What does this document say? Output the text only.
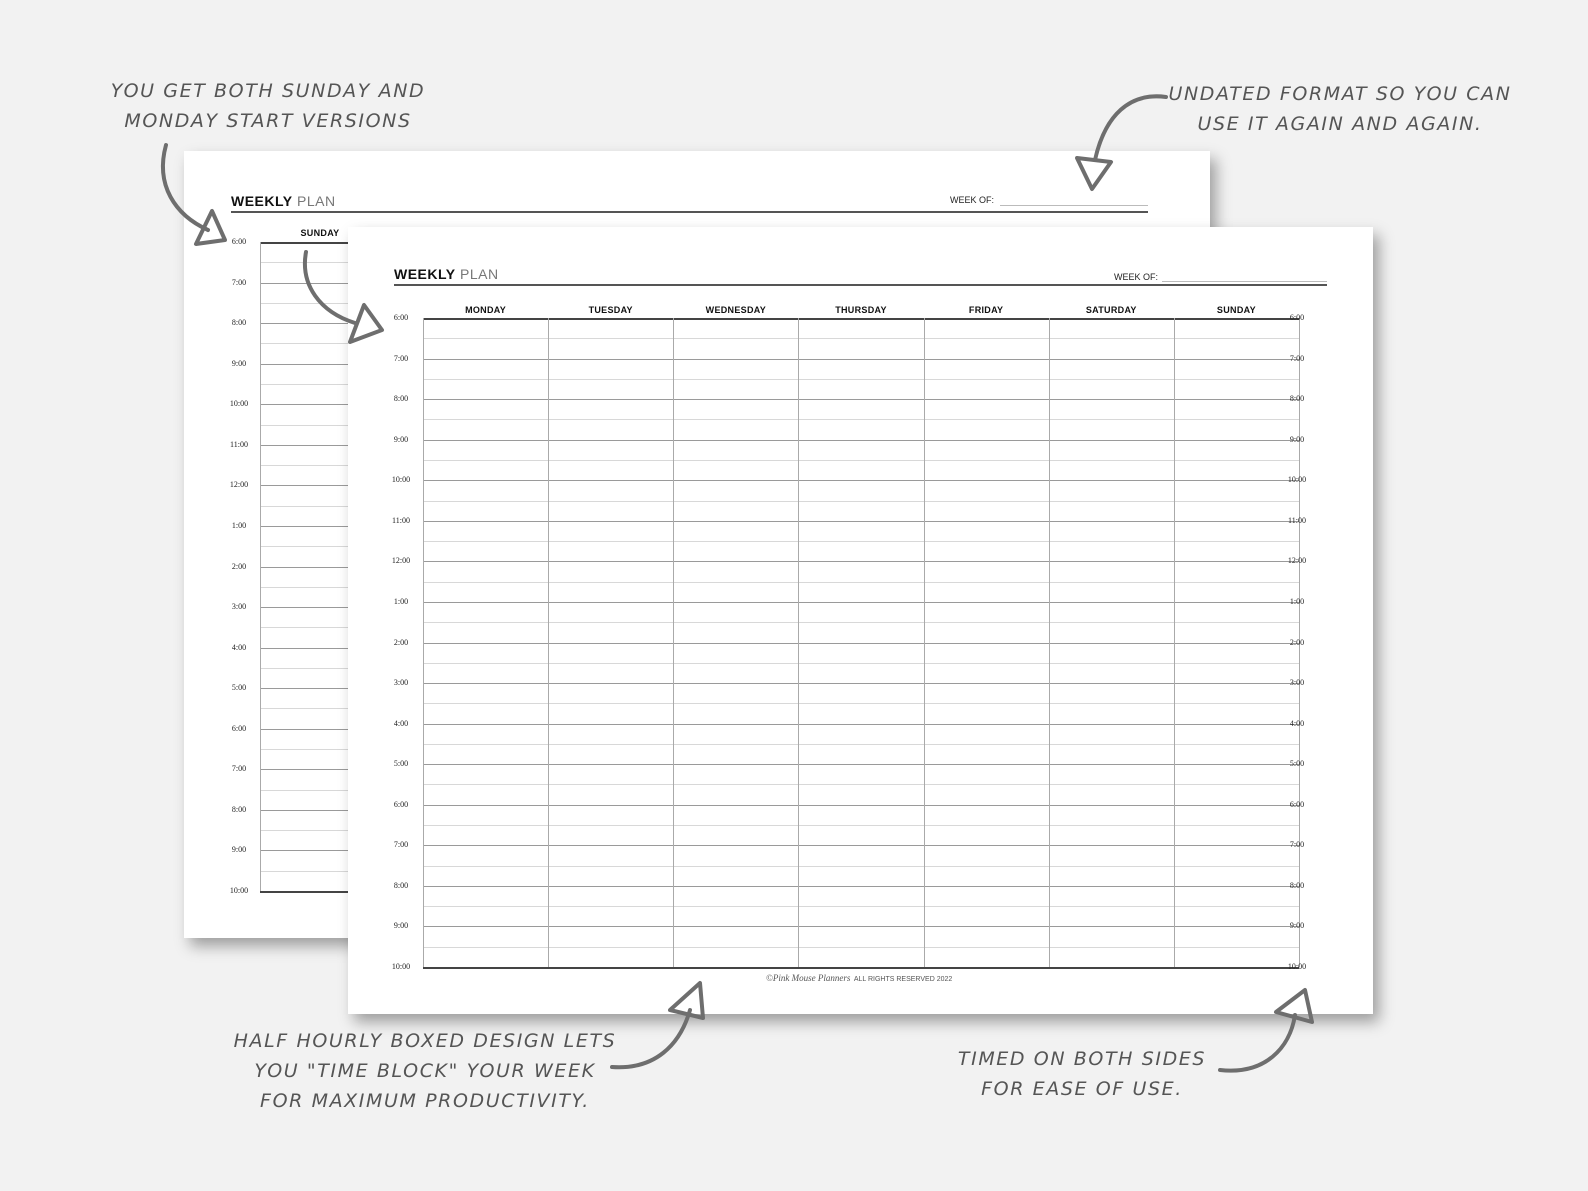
WEEKLY PLAN	WEEK OF:
SUNDAY
6:00
7:00
8:00
9:00
10:00
11:00
12:00
1:00
2:00
3:00
4:00
5:00
6:00
7:00
8:00
9:00
10:00
WEEKLY PLAN	WEEK OF:
MONDAY	TUESDAY	WEDNESDAY	THURSDAY	FRIDAY	SATURDAY	SUNDAY
6:00
7:00
8:00
9:00
10:00
11:00
12:00
1:00
2:00
3:00
4:00
5:00
6:00
7:00
8:00
9:00
10:00
6:00
7:00
8:00
9:00
10:00
11:00
12:00
1:00
2:00
3:00
4:00
5:00
6:00
7:00
8:00
9:00
10:00
©Pink Mouse Planners ALL RIGHTS RESERVED 2022
YOU GET BOTH SUNDAY AND
MONDAY START VERSIONS
UNDATED FORMAT SO YOU CAN
USE IT AGAIN AND AGAIN.
HALF HOURLY BOXED DESIGN LETS
YOU "TIME BLOCK" YOUR WEEK
FOR MAXIMUM PRODUCTIVITY.
TIMED ON BOTH SIDES
FOR EASE OF USE.
